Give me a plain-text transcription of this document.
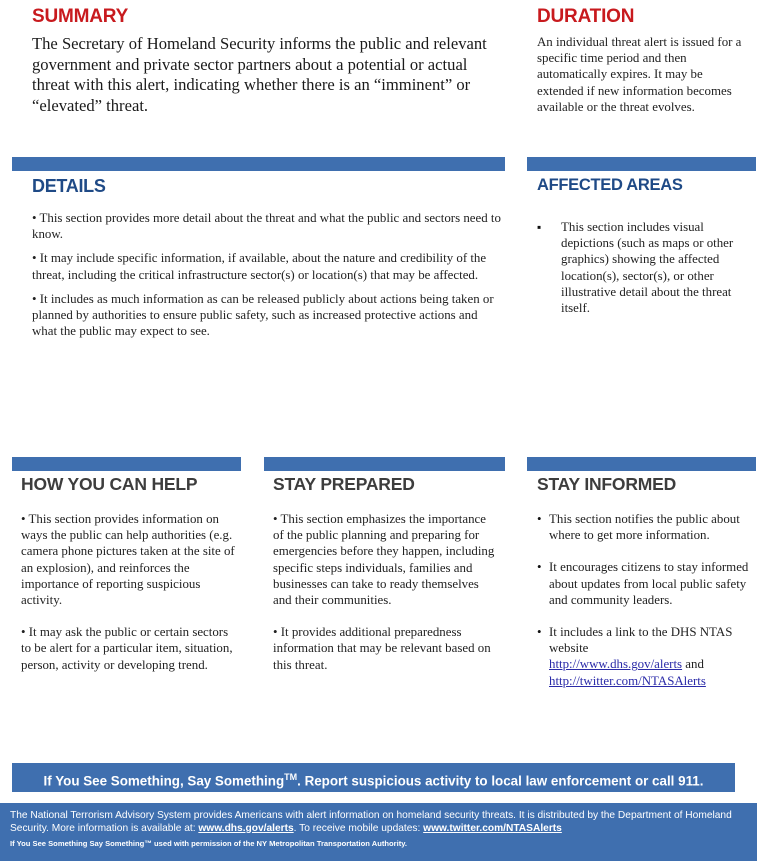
SUMMARY

The Secretary of Homeland Security informs the public and relevant government and private sector partners about a potential or actual threat with this alert, indicating whether there is an “imminent” or “elevated” threat.

DURATION

An individual threat alert is issued for a specific time period and then automatically expires. It may be extended if new information becomes available or the threat evolves.

DETAILS

• This section provides more detail about the threat and what the public and sectors need to know.

• It may include specific information, if available, about the nature and credibility of the threat, including the critical infrastructure sector(s) or location(s) that may be affected.

• It includes as much information as can be released publicly about actions being taken or planned by authorities to ensure public safety, such as increased protective actions and what the public may expect to see.

AFFECTED AREAS
▪ This section includes visual depictions (such as maps or other graphics) showing the affected location(s), sector(s), or other illustrative detail about the threat itself.
HOW YOU CAN HELP

• This section provides information on ways the public can help authorities (e.g. camera phone pictures taken at the site of an explosion), and reinforces the importance of reporting suspicious activity.

• It may ask the public or certain sectors to be alert for a particular item, situation, person, activity or developing trend.

STAY PREPARED

• This section emphasizes the importance of the public planning and preparing for emergencies before they happen, including specific steps individuals, families and businesses can take to ready themselves and their communities.

• It provides additional preparedness information that may be relevant based on this threat.

STAY INFORMED
• This section notifies the public about where to get more information.
• It encourages citizens to stay informed about updates from local public safety and community leaders.
• It includes a link to the DHS NTAS website
http://www.dhs.gov/alerts and
http://twitter.com/NTASAlerts
If You See Something, Say Something™. Report suspicious activity to local law enforcement or call 911.
The National Terrorism Advisory System provides Americans with alert information on homeland security threats. It is distributed by the Department of Homeland Security. More information is available at: www.dhs.gov/alerts. To receive mobile updates: www.twitter.com/NTASAlerts
If You See Something Say Something™ used with permission of the NY Metropolitan Transportation Authority.
